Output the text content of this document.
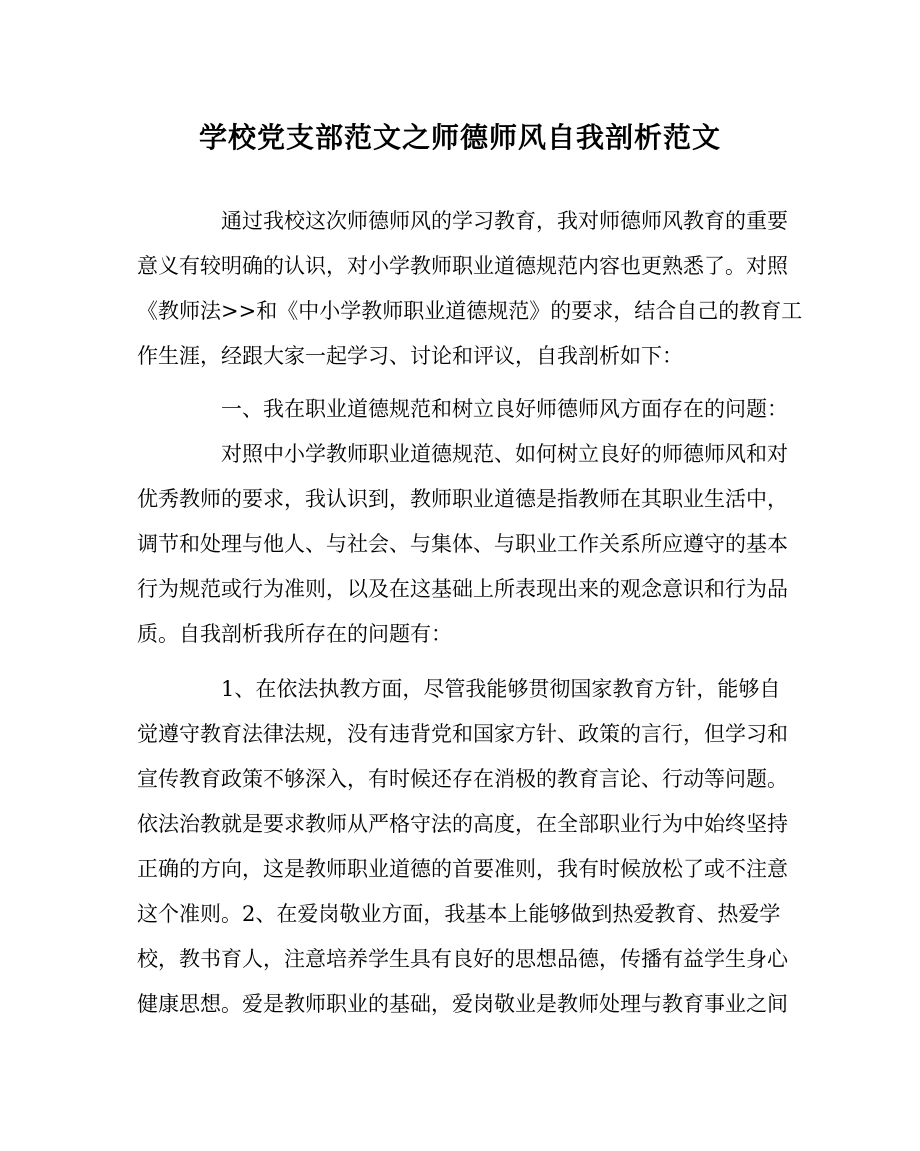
学校党支部范文之师德师风自我剖析范文
　　　　通过我校这次师德师风的学习教育，我对师德师风教育的重要
意义有较明确的认识，对小学教师职业道德规范内容也更熟悉了。对照
《教师法>>和《中小学教师职业道德规范》的要求，结合自己的教育工
作生涯，经跟大家一起学习、讨论和评议，自我剖析如下：
　　　　一、我在职业道德规范和树立良好师德师风方面存在的问题：
　　　　对照中小学教师职业道德规范、如何树立良好的师德师风和对
优秀教师的要求，我认识到，教师职业道德是指教师在其职业生活中，
调节和处理与他人、与社会、与集体、与职业工作关系所应遵守的基本
行为规范或行为准则，以及在这基础上所表现出来的观念意识和行为品
质。自我剖析我所存在的问题有：
　　　　1、在依法执教方面，尽管我能够贯彻国家教育方针，能够自
觉遵守教育法律法规，没有违背党和国家方针、政策的言行，但学习和
宣传教育政策不够深入，有时候还存在消极的教育言论、行动等问题。
依法治教就是要求教师从严格守法的高度，在全部职业行为中始终坚持
正确的方向，这是教师职业道德的首要准则，我有时候放松了或不注意
这个准则。2、在爱岗敬业方面，我基本上能够做到热爱教育、热爱学
校，教书育人，注意培养学生具有良好的思想品德，传播有益学生身心
健康思想。爱是教师职业的基础，爱岗敬业是教师处理与教育事业之间
